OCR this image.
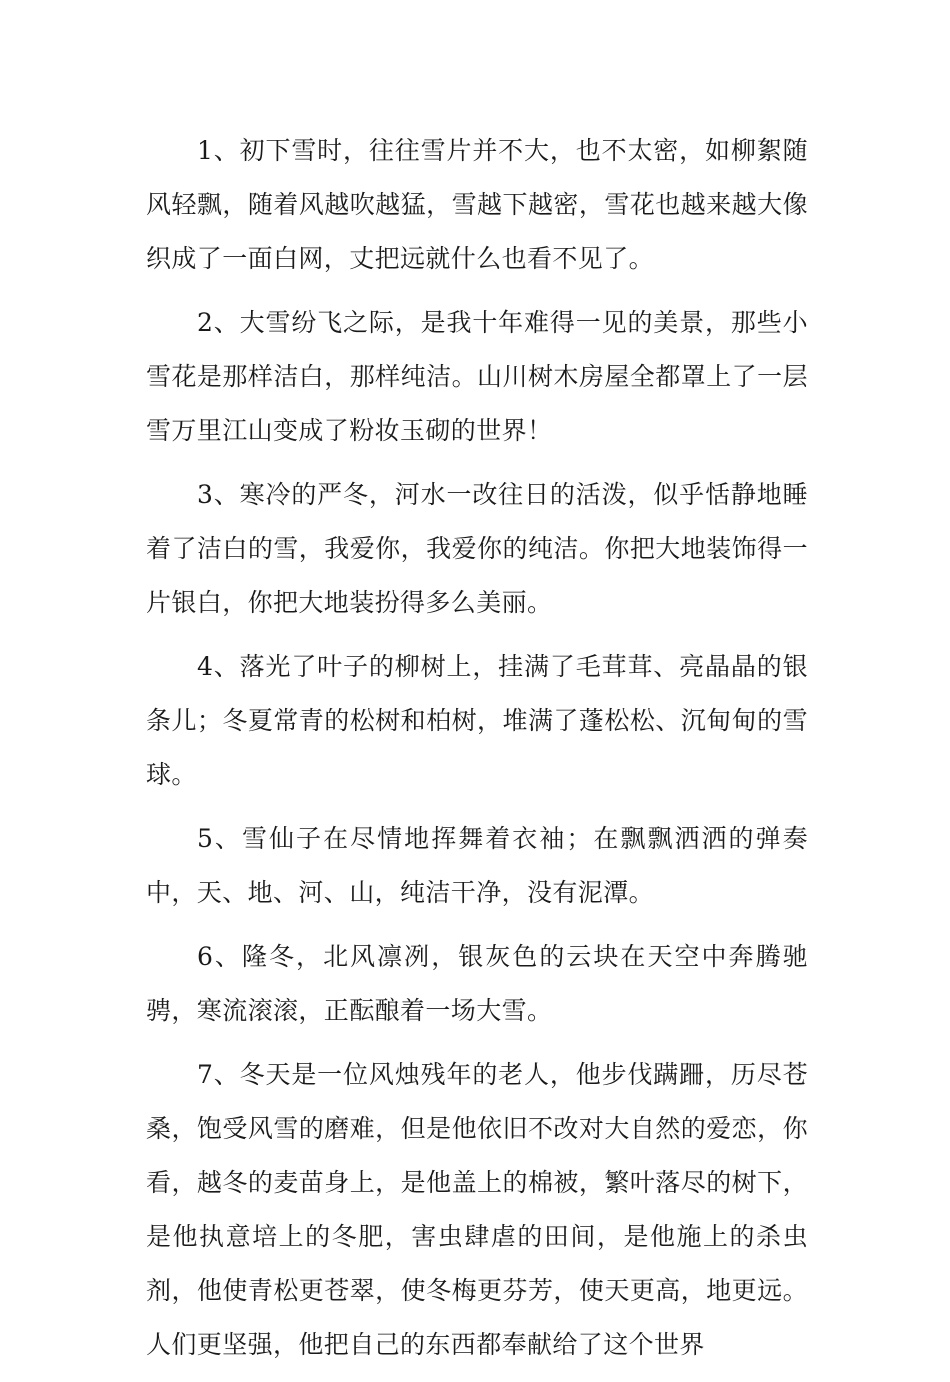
1、初下雪时，往往雪片并不大，也不太密，如柳絮随风轻飘，随着风越吹越猛，雪越下越密，雪花也越来越大像织成了一面白网，丈把远就什么也看不见了。

2、大雪纷飞之际，是我十年难得一见的美景，那些小雪花是那样洁白，那样纯洁。山川树木房屋全都罩上了一层雪万里江山变成了粉妆玉砌的世界！

3、寒冷的严冬，河水一改往日的活泼，似乎恬静地睡着了洁白的雪，我爱你，我爱你的纯洁。你把大地装饰得一片银白，你把大地装扮得多么美丽。

4、落光了叶子的柳树上，挂满了毛茸茸、亮晶晶的银条儿；冬夏常青的松树和柏树，堆满了蓬松松、沉甸甸的雪球。

5、雪仙子在尽情地挥舞着衣袖；在飘飘洒洒的弹奏中，天、地、河、山，纯洁干净，没有泥潭。

6、隆冬，北风凛冽，银灰色的云块在天空中奔腾驰骋，寒流滚滚，正酝酿着一场大雪。

7、冬天是一位风烛残年的老人，他步伐蹒跚，历尽苍桑，饱受风雪的磨难，但是他依旧不改对大自然的爱恋，你看，越冬的麦苗身上，是他盖上的棉被，繁叶落尽的树下，是他执意培上的冬肥，害虫肆虐的田间，是他施上的杀虫剂，他使青松更苍翠，使冬梅更芬芳，使天更高，地更远。人们更坚强，他把自己的东西都奉献给了这个世界
